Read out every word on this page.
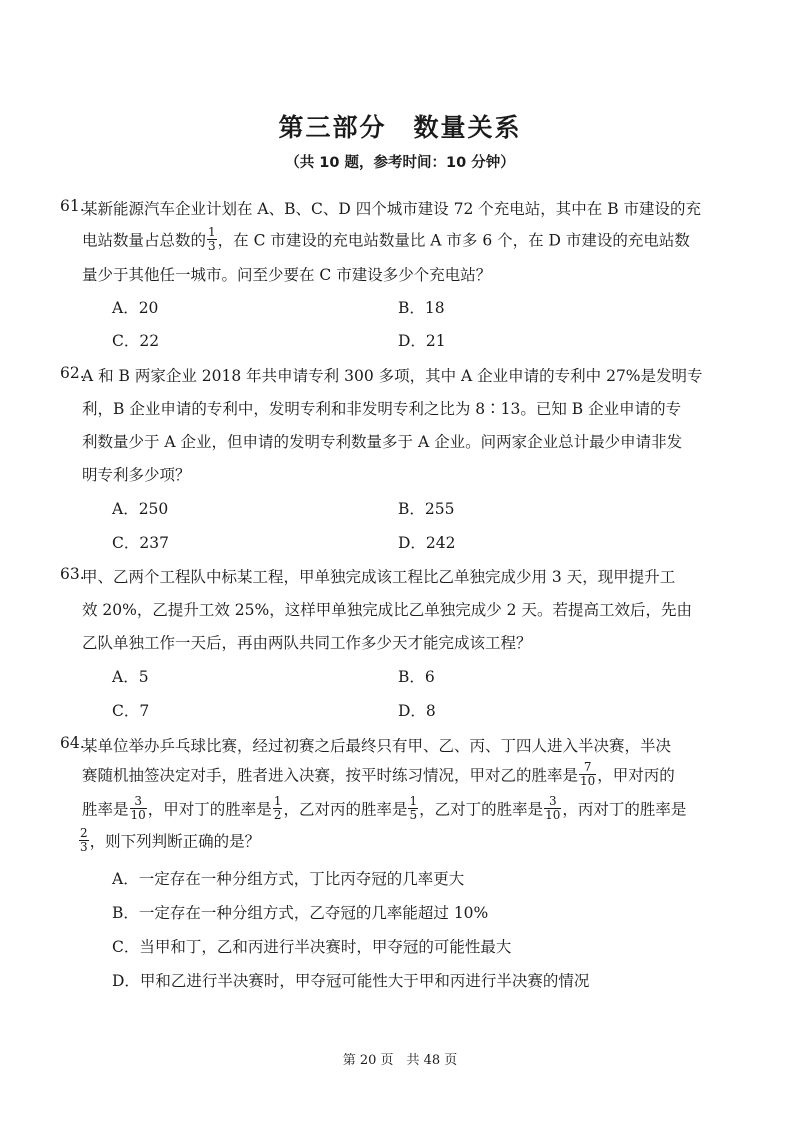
第三部分　数量关系
（共 10 题，参考时间：10 分钟）
61.
某新能源汽车企业计划在 A、B、C、D 四个城市建设 72 个充电站，其中在 B 市建设的充
电站数量占总数的 $\frac{1}{3}$ ，在 C 市建设的充电站数量比 A 市多 6 个，在 D 市建设的充电站数
量少于其他任一城市。问至少要在 C 市建设多少个充电站？
A．20	B．18
C．22	D．21
62.
A 和 B 两家企业 2018 年共申请专利 300 多项，其中 A 企业申请的专利中 27%是发明专
利，B 企业申请的专利中，发明专利和非发明专利之比为 8∶13。已知 B 企业申请的专
利数量少于 A 企业，但申请的发明专利数量多于 A 企业。问两家企业总计最少申请非发
明专利多少项？
A．250	B．255
C．237	D．242
63.
甲、乙两个工程队中标某工程，甲单独完成该工程比乙单独完成少用 3 天，现甲提升工
效 20%，乙提升工效 25%，这样甲单独完成比乙单独完成少 2 天。若提高工效后，先由
乙队单独工作一天后，再由两队共同工作多少天才能完成该工程？
A．5	B．6
C．7	D．8
64.
某单位举办乒乓球比赛，经过初赛之后最终只有甲、乙、丙、丁四人进入半决赛，半决
赛随机抽签决定对手，胜者进入决赛，按平时练习情况，甲对乙的胜率是 $\frac{7}{10}$ ，甲对丙的
胜率是 $\frac{3}{10}$ ，甲对丁的胜率是 $\frac{1}{2}$ ，乙对丙的胜率是 $\frac{1}{5}$ ，乙对丁的胜率是 $\frac{3}{10}$ ，丙对丁的胜率是
$\frac{2}{3}$ ，则下列判断正确的是？
A．一定存在一种分组方式，丁比丙夺冠的几率更大
B．一定存在一种分组方式，乙夺冠的几率能超过 10%
C．当甲和丁，乙和丙进行半决赛时，甲夺冠的可能性最大
D．甲和乙进行半决赛时，甲夺冠可能性大于甲和丙进行半决赛的情况
第 20 页　共 48 页
